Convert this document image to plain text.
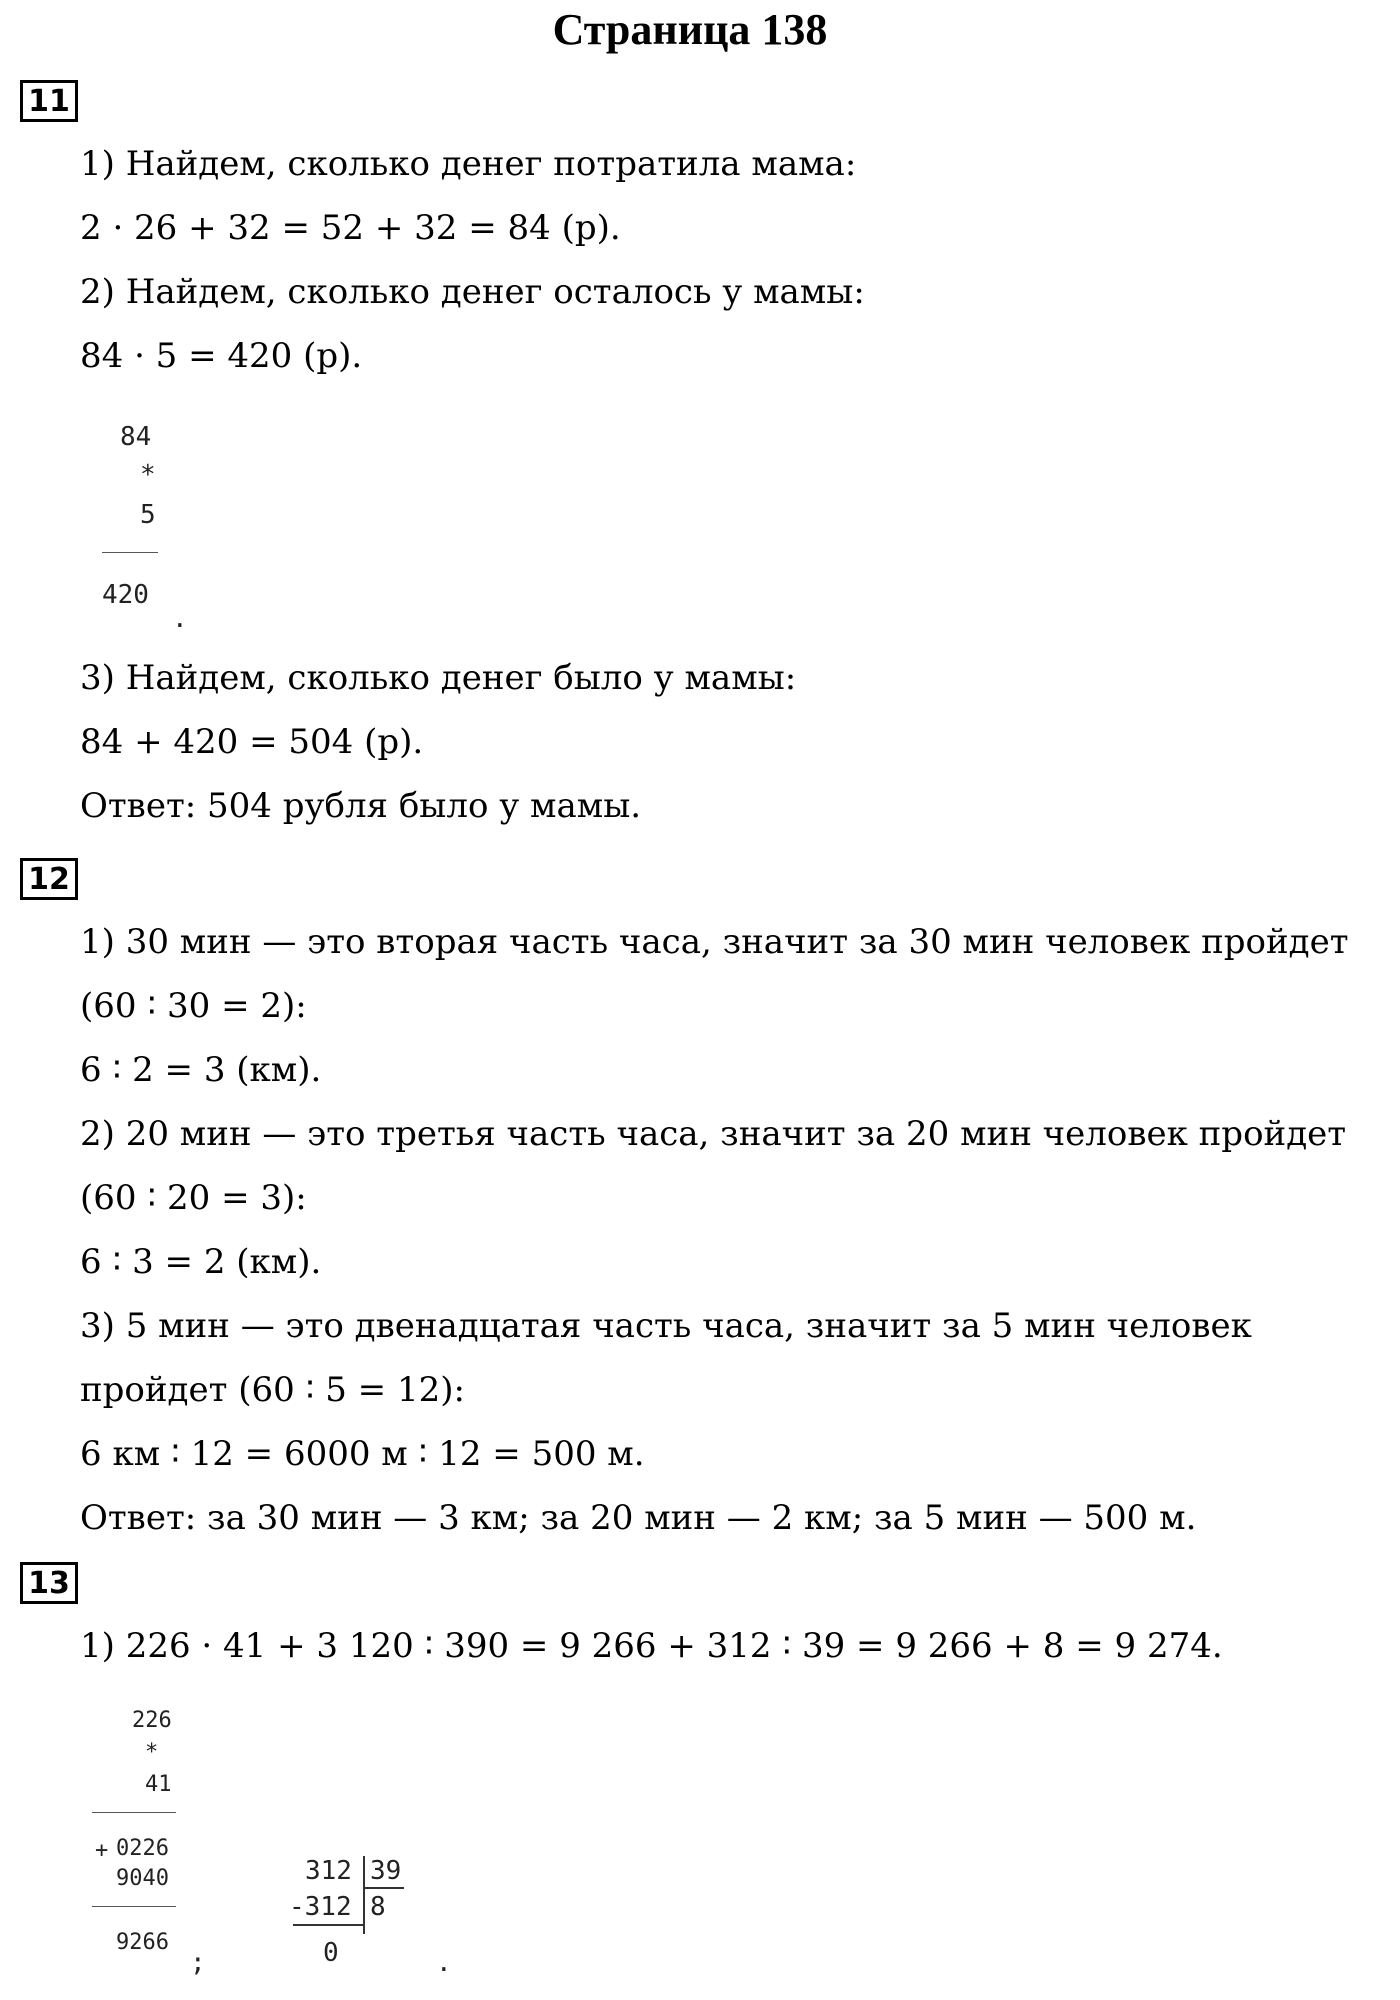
Страница 138
11
1) Найдем, сколько денег потратила мама:
2 · 26 + 32 = 52 + 32 = 84 (р).
2) Найдем, сколько денег осталось у мамы:
84 · 5 = 420 (р).
84
*
5
420
.
3) Найдем, сколько денег было у мамы:
84 + 420 = 504 (р).
Ответ: 504 рубля было у мамы.
12
1) 30 мин — это вторая часть часа, значит за 30 мин человек пройдет
(60 ∶ 30 = 2):
6 ∶ 2 = 3 (км).
2) 20 мин — это третья часть часа, значит за 20 мин человек пройдет
(60 ∶ 20 = 3):
6 ∶ 3 = 2 (км).
3) 5 мин — это двенадцатая часть часа, значит за 5 мин человек
пройдет (60 ∶ 5 = 12):
6 км ∶ 12 = 6000 м ∶ 12 = 500 м.
Ответ: за 30 мин — 3 км; за 20 мин — 2 км; за 5 мин — 500 м.
13
1) 226 · 41 + 3 120 ∶ 390 = 9 266 + 312 ∶ 39 = 9 266 + 8 = 9 274.
226
*
41
+ 0226
9040
9266
;
312 39
-312 8
0	.
